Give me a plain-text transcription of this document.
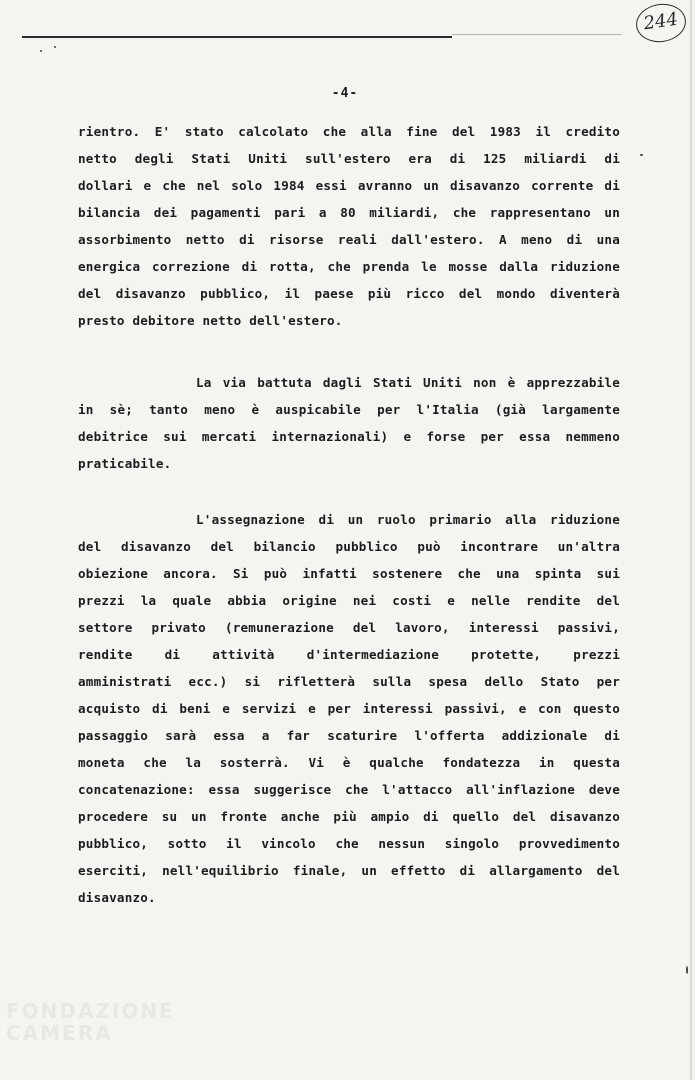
244
-4-
rientro. E' stato calcolato che alla fine del 1983 il credito
netto degli Stati Uniti sull'estero era di 125 miliardi di
dollari e che nel solo 1984 essi avranno un disavanzo corrente di
bilancia dei pagamenti pari a 80 miliardi, che rappresentano un
assorbimento netto di risorse reali dall'estero. A meno di una
energica correzione di rotta, che prenda le mosse dalla riduzione
del disavanzo pubblico, il paese più ricco del mondo diventerà
presto debitore netto dell'estero.
La via battuta dagli Stati Uniti non è apprezzabile
in sè; tanto meno è auspicabile per l'Italia (già largamente
debitrice sui mercati internazionali) e forse per essa nemmeno
praticabile.
L'assegnazione di un ruolo primario alla riduzione
del disavanzo del bilancio pubblico può incontrare un'altra
obiezione ancora. Si può infatti sostenere che una spinta sui
prezzi la quale abbia origine nei costi e nelle rendite del
settore privato (remunerazione del lavoro, interessi passivi,
rendite di attività d'intermediazione protette, prezzi
amministrati ecc.) si rifletterà sulla spesa dello Stato per
acquisto di beni e servizi e per interessi passivi, e con questo
passaggio sarà essa a far scaturire l'offerta addizionale di
moneta che la sosterrà. Vi è qualche fondatezza in questa
concatenazione: essa suggerisce che l'attacco all'inflazione deve
procedere su un fronte anche più ampio di quello del disavanzo
pubblico, sotto il vincolo che nessun singolo provvedimento
eserciti, nell'equilibrio finale, un effetto di allargamento del
disavanzo.
FONDAZIONE
CAMERA
